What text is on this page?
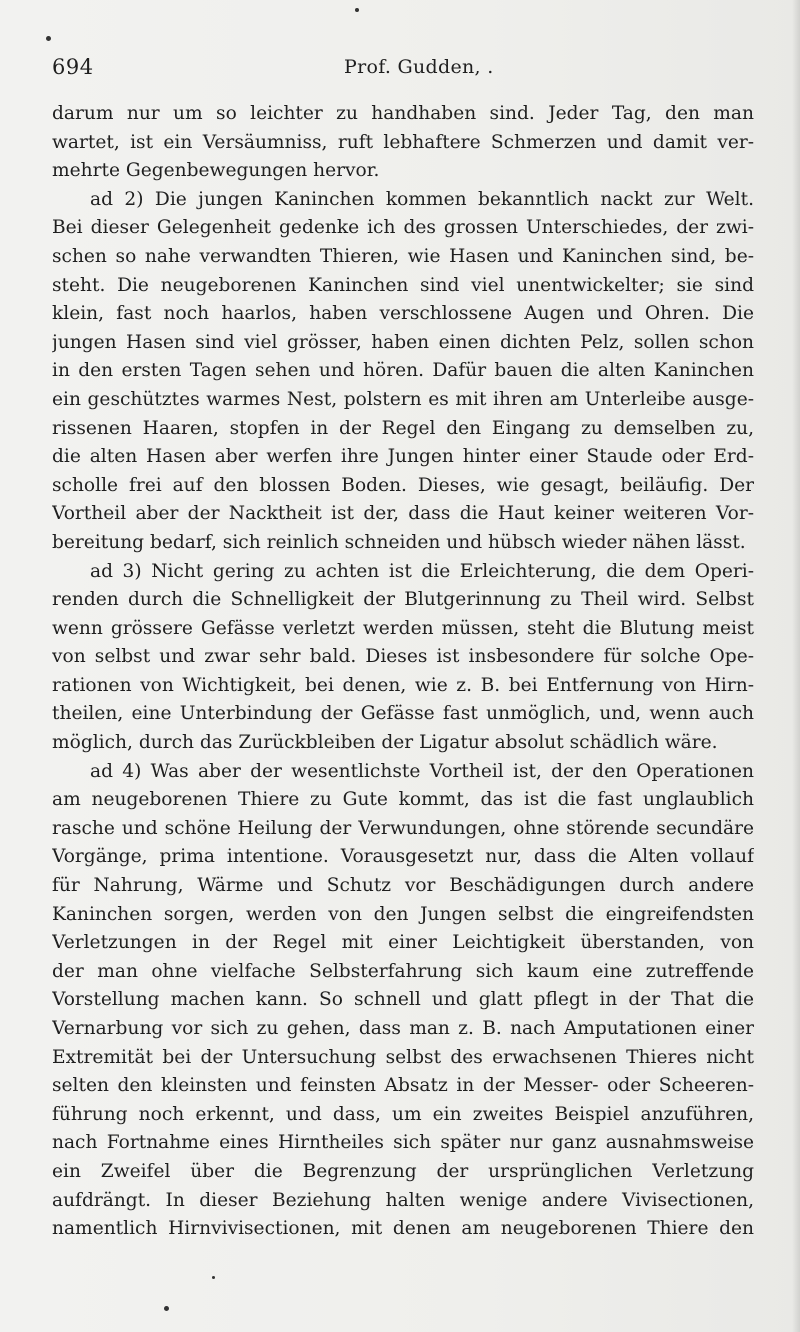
694	Prof. Gudden, .
darum nur um so leichter zu handhaben sind. Jeder Tag, den man
wartet, ist ein Versäumniss, ruft lebhaftere Schmerzen und damit ver-
mehrte Gegenbewegungen hervor.
ad 2) Die jungen Kaninchen kommen bekanntlich nackt zur Welt.
Bei dieser Gelegenheit gedenke ich des grossen Unterschiedes, der zwi-
schen so nahe verwandten Thieren, wie Hasen und Kaninchen sind, be-
steht. Die neugeborenen Kaninchen sind viel unentwickelter; sie sind
klein, fast noch haarlos, haben verschlossene Augen und Ohren. Die
jungen Hasen sind viel grösser, haben einen dichten Pelz, sollen schon
in den ersten Tagen sehen und hören. Dafür bauen die alten Kaninchen
ein geschütztes warmes Nest, polstern es mit ihren am Unterleibe ausge-
rissenen Haaren, stopfen in der Regel den Eingang zu demselben zu,
die alten Hasen aber werfen ihre Jungen hinter einer Staude oder Erd-
scholle frei auf den blossen Boden. Dieses, wie gesagt, beiläufig. Der
Vortheil aber der Nacktheit ist der, dass die Haut keiner weiteren Vor-
bereitung bedarf, sich reinlich schneiden und hübsch wieder nähen lässt.
ad 3) Nicht gering zu achten ist die Erleichterung, die dem Operi-
renden durch die Schnelligkeit der Blutgerinnung zu Theil wird. Selbst
wenn grössere Gefässe verletzt werden müssen, steht die Blutung meist
von selbst und zwar sehr bald. Dieses ist insbesondere für solche Ope-
rationen von Wichtigkeit, bei denen, wie z. B. bei Entfernung von Hirn-
theilen, eine Unterbindung der Gefässe fast unmöglich, und, wenn auch
möglich, durch das Zurückbleiben der Ligatur absolut schädlich wäre.
ad 4) Was aber der wesentlichste Vortheil ist, der den Operationen
am neugeborenen Thiere zu Gute kommt, das ist die fast unglaublich
rasche und schöne Heilung der Verwundungen, ohne störende secundäre
Vorgänge, prima intentione. Vorausgesetzt nur, dass die Alten vollauf
für Nahrung, Wärme und Schutz vor Beschädigungen durch andere
Kaninchen sorgen, werden von den Jungen selbst die eingreifendsten
Verletzungen in der Regel mit einer Leichtigkeit überstanden, von
der man ohne vielfache Selbsterfahrung sich kaum eine zutreffende
Vorstellung machen kann. So schnell und glatt pflegt in der That die
Vernarbung vor sich zu gehen, dass man z. B. nach Amputationen einer
Extremität bei der Untersuchung selbst des erwachsenen Thieres nicht
selten den kleinsten und feinsten Absatz in der Messer- oder Scheeren-
führung noch erkennt, und dass, um ein zweites Beispiel anzuführen,
nach Fortnahme eines Hirntheiles sich später nur ganz ausnahmsweise
ein Zweifel über die Begrenzung der ursprünglichen Verletzung
aufdrängt. In dieser Beziehung halten wenige andere Vivisectionen,
namentlich Hirnvivisectionen, mit denen am neugeborenen Thiere den
